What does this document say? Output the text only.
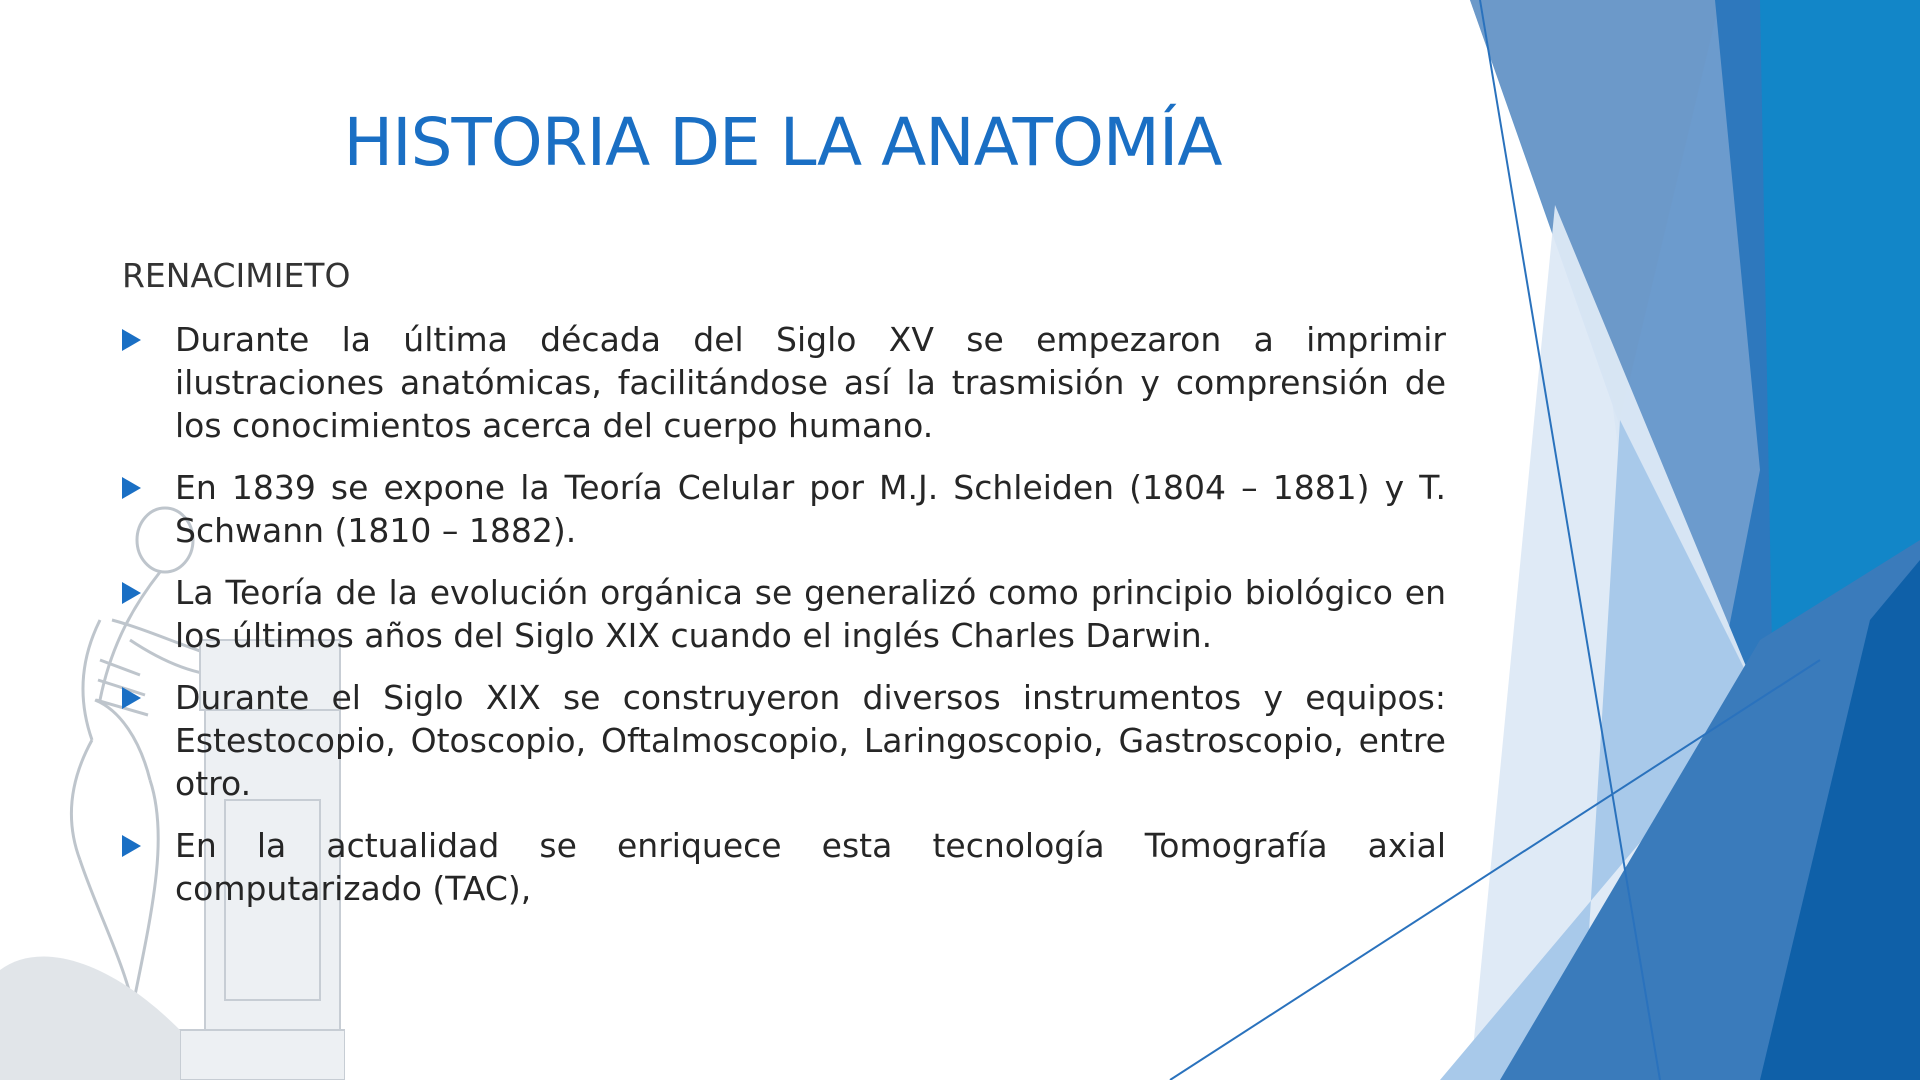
HISTORIA DE LA ANATOMÍA

RENACIMIETO

Durante la última década del Siglo XV se empezaron a imprimir ilustraciones anatómicas, facilitándose así la trasmisión y comprensión de los conocimientos acerca del cuerpo humano.
En 1839 se expone la Teoría Celular por M.J. Schleiden (1804 – 1881) y T. Schwann (1810 – 1882).
La Teoría de la evolución orgánica se generalizó como principio biológico en los últimos años del Siglo XIX cuando el inglés Charles Darwin.
Durante el Siglo XIX se construyeron diversos instrumentos y equipos: Estestocopio, Otoscopio, Oftalmoscopio, Laringoscopio, Gastroscopio, entre otro.
En la actualidad se enriquece esta tecnología Tomografía axial computarizado (TAC),
